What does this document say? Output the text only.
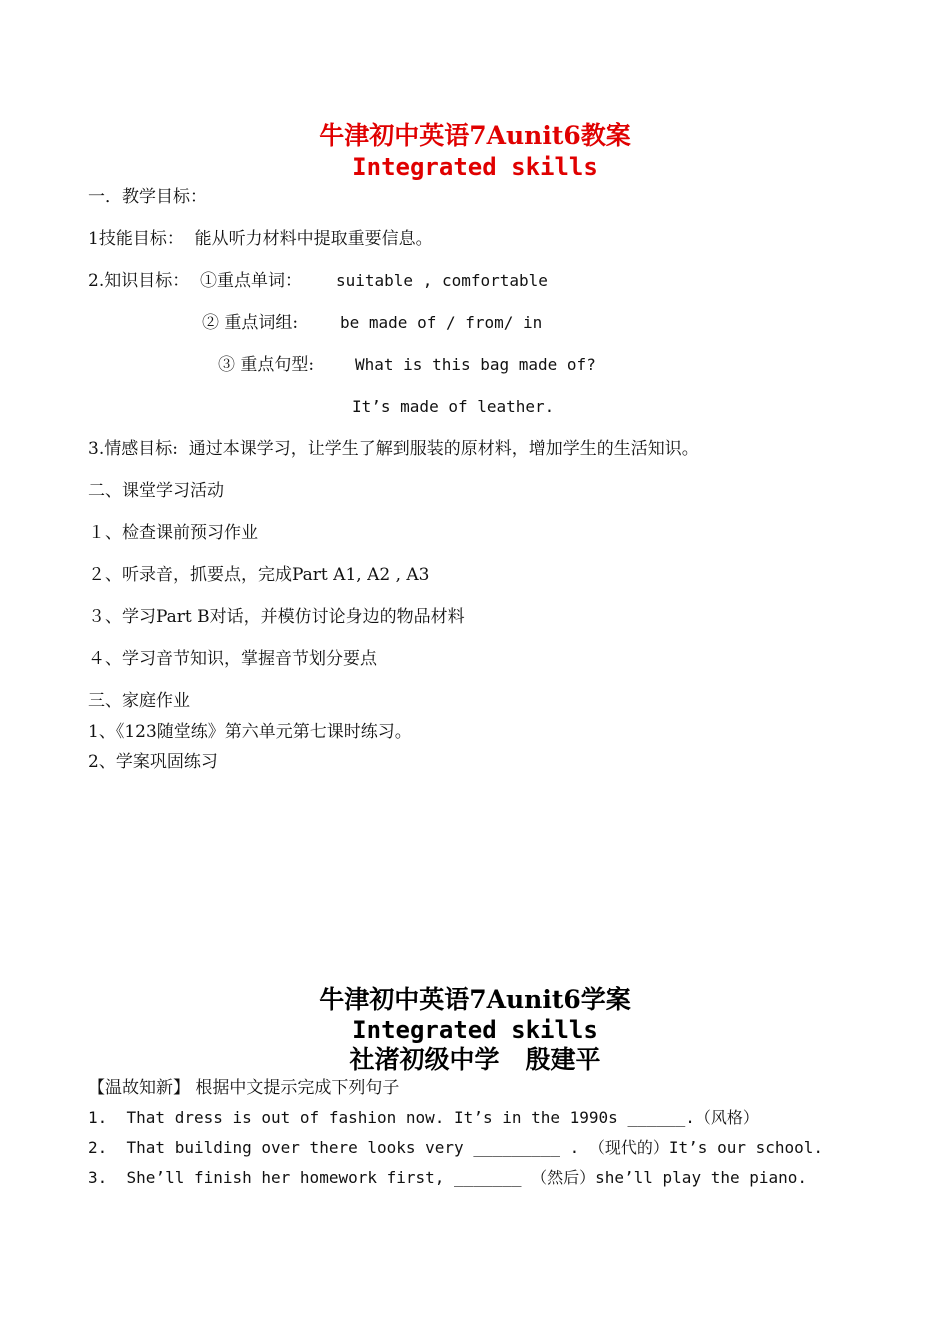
牛津初中英语7Aunit6教案
Integrated skills
一．教学目标：
1技能目标：  能从听力材料中提取重要信息。
2.知识目标：  ①重点单词： suitable , comfortable
② 重点词组:	be made of / from/ in
③ 重点句型:	What is this bag made of?
It’s made of leather.
3.情感目标:  通过本课学习，让学生了解到服装的原材料，增加学生的生活知识。
二、课堂学习活动
１、检查课前预习作业
２、听录音，抓要点，完成Part A1, A2 , A3
３、学习Part B对话，并模仿讨论身边的物品材料
４、学习音节知识，掌握音节划分要点
三、家庭作业
1、《123随堂练》第六单元第七课时练习。
2、学案巩固练习
牛津初中英语7Aunit6学案
Integrated skills
社渚初级中学   殷建平
【温故知新】 根据中文提示完成下列句子
1.  That dress is out of fashion now. It’s in the 1990s ______.（风格）
2.  That building over there looks very _________ . （现代的）It’s our school.
3.  She’ll finish her homework first, _______ （然后）she’ll play the piano.
